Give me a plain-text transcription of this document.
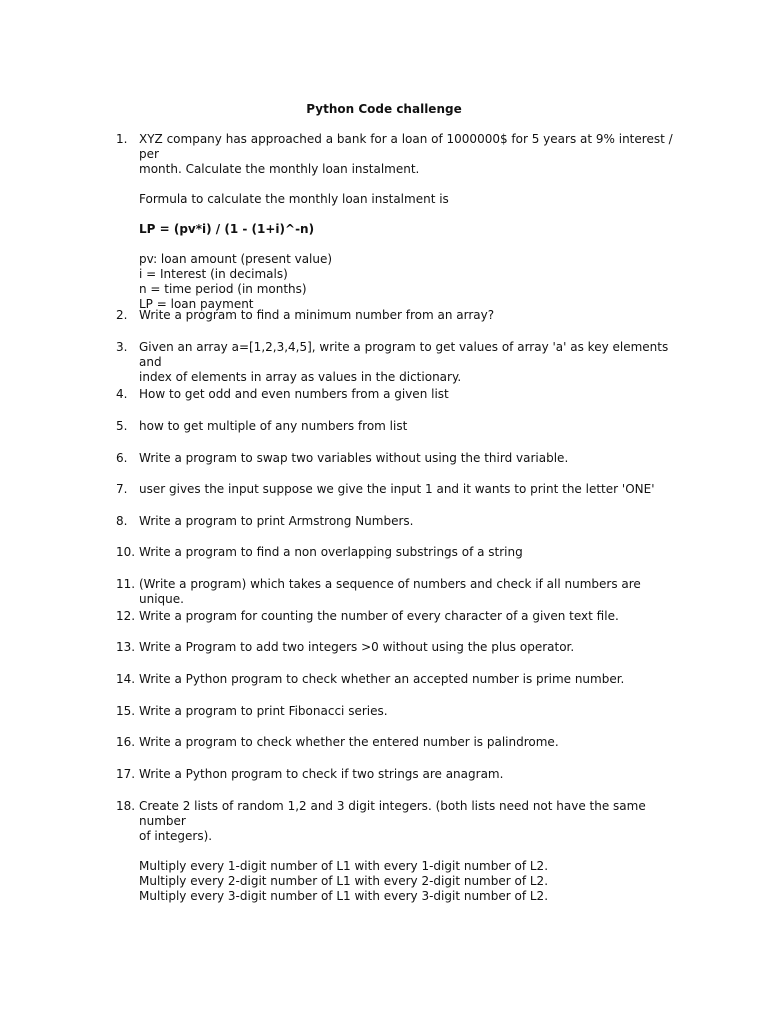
Python Code challenge
1. XYZ company has approached a bank for a loan of 1000000$ for 5 years at 9% interest / per

month. Calculate the monthly loan instalment.

Formula to calculate the monthly loan instalment is

LP = (pv*i) / (1 - (1+i)^-n)

pv: loan amount (present value)

i = Interest (in decimals)

n = time period (in months)

LP = loan payment

2. Write a program to find a minimum number from an array?

3. Given an array a=[1,2,3,4,5], write a program to get values of array 'a' as key elements and

index of elements in array as values in the dictionary.

4. How to get odd and even numbers from a given list

5. how to get multiple of any numbers from list

6. Write a program to swap two variables without using the third variable.

7. user gives the input suppose we give the input 1 and it wants to print the letter 'ONE'

8. Write a program to print Armstrong Numbers.

10. Write a program to find a non overlapping substrings of a string

11. (Write a program) which takes a sequence of numbers and check if all numbers are unique.

12. Write a program for counting the number of every character of a given text file.

13. Write a Program to add two integers >0 without using the plus operator.

14. Write a Python program to check whether an accepted number is prime number.

15. Write a program to print Fibonacci series.

16. Write a program to check whether the entered number is palindrome.

17. Write a Python program to check if two strings are anagram.

18. Create 2 lists of random 1,2 and 3 digit integers. (both lists need not have the same number

of integers).

Multiply every 1-digit number of L1 with every 1-digit number of L2.

Multiply every 2-digit number of L1 with every 2-digit number of L2.

Multiply every 3-digit number of L1 with every 3-digit number of L2.
